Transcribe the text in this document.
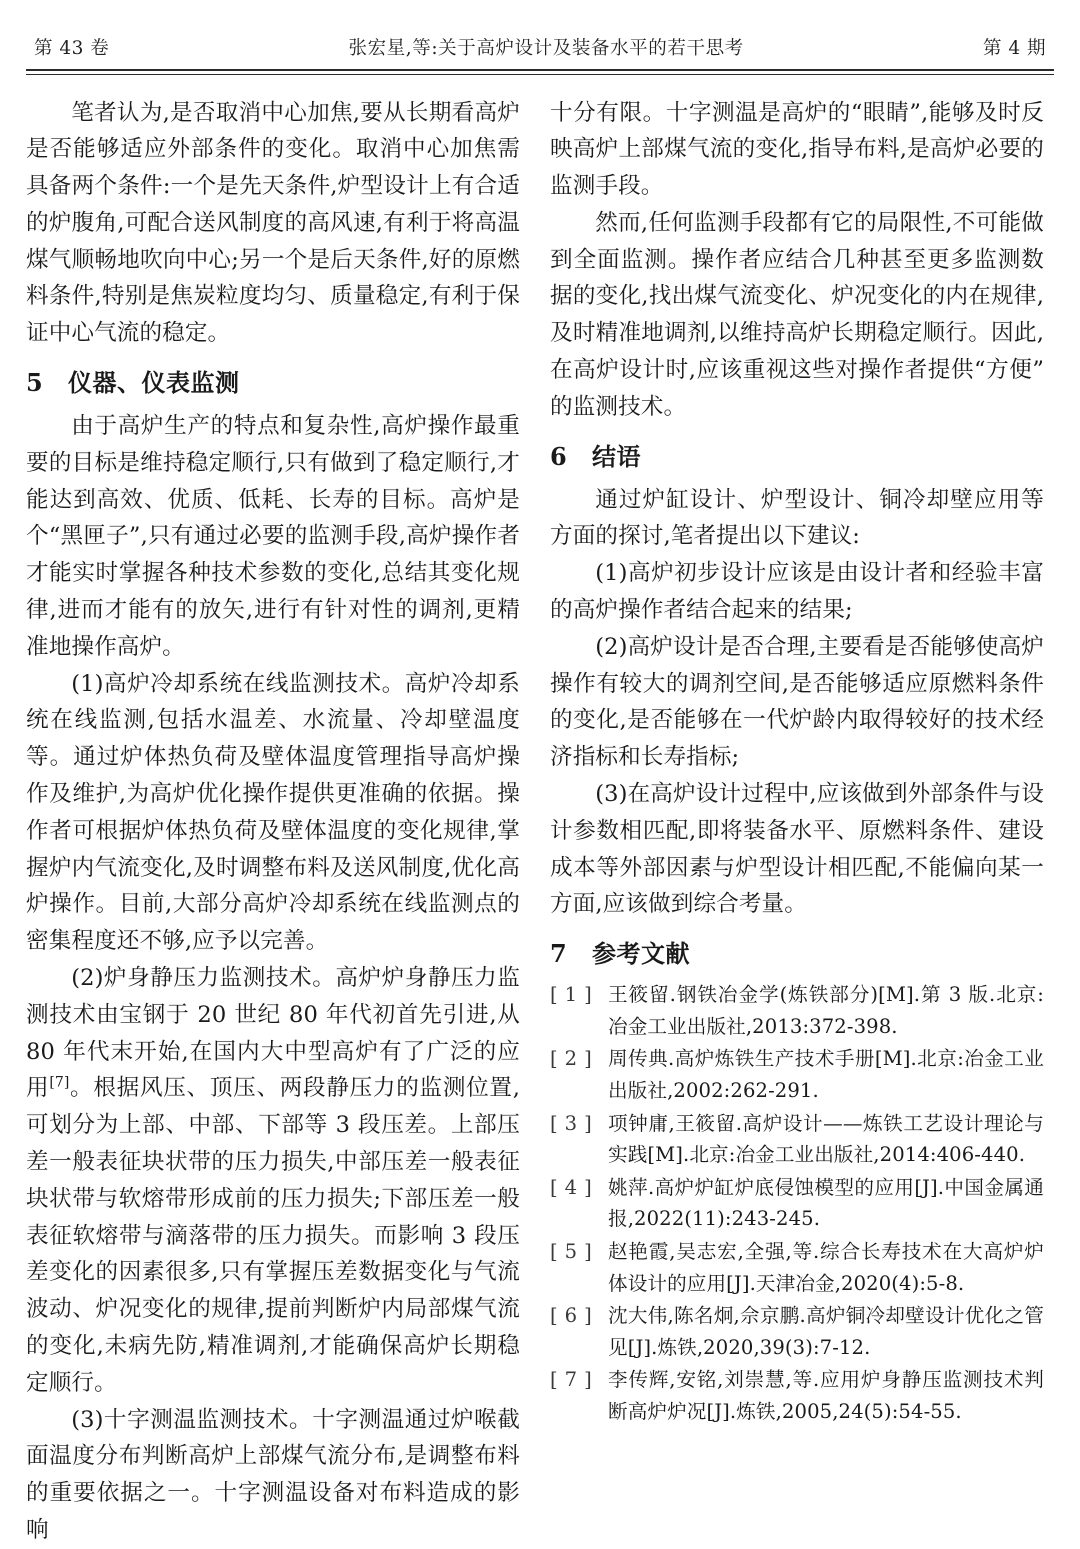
第 43 卷	张宏星,等:关于高炉设计及装备水平的若干思考	第 4 期

笔者认为,是否取消中心加焦,要从长期看高炉是否能够适应外部条件的变化。取消中心加焦需具备两个条件:一个是先天条件,炉型设计上有合适的炉腹角,可配合送风制度的高风速,有利于将高温煤气顺畅地吹向中心;另一个是后天条件,好的原燃料条件,特别是焦炭粒度均匀、质量稳定,有利于保证中心气流的稳定。

5 仪器、仪表监测

由于高炉生产的特点和复杂性,高炉操作最重要的目标是维持稳定顺行,只有做到了稳定顺行,才能达到高效、优质、低耗、长寿的目标。高炉是个“黑匣子”,只有通过必要的监测手段,高炉操作者才能实时掌握各种技术参数的变化,总结其变化规律,进而才能有的放矢,进行有针对性的调剂,更精准地操作高炉。

(1)高炉冷却系统在线监测技术。高炉冷却系统在线监测,包括水温差、水流量、冷却壁温度等。通过炉体热负荷及壁体温度管理指导高炉操作及维护,为高炉优化操作提供更准确的依据。操作者可根据炉体热负荷及壁体温度的变化规律,掌握炉内气流变化,及时调整布料及送风制度,优化高炉操作。目前,大部分高炉冷却系统在线监测点的密集程度还不够,应予以完善。

(2)炉身静压力监测技术。高炉炉身静压力监测技术由宝钢于 20 世纪 80 年代初首先引进,从 80 年代末开始,在国内大中型高炉有了广泛的应用[7]。根据风压、顶压、两段静压力的监测位置,可划分为上部、中部、下部等 3 段压差。上部压差一般表征块状带的压力损失,中部压差一般表征块状带与软熔带形成前的压力损失;下部压差一般表征软熔带与滴落带的压力损失。而影响 3 段压差变化的因素很多,只有掌握压差数据变化与气流波动、炉况变化的规律,提前判断炉内局部煤气流的变化,未病先防,精准调剂,才能确保高炉长期稳定顺行。

(3)十字测温监测技术。十字测温通过炉喉截面温度分布判断高炉上部煤气流分布,是调整布料的重要依据之一。十字测温设备对布料造成的影响

十分有限。十字测温是高炉的“眼睛”,能够及时反映高炉上部煤气流的变化,指导布料,是高炉必要的监测手段。

然而,任何监测手段都有它的局限性,不可能做到全面监测。操作者应结合几种甚至更多监测数据的变化,找出煤气流变化、炉况变化的内在规律,及时精准地调剂,以维持高炉长期稳定顺行。因此,在高炉设计时,应该重视这些对操作者提供“方便”的监测技术。

6 结语

通过炉缸设计、炉型设计、铜冷却壁应用等方面的探讨,笔者提出以下建议:

(1)高炉初步设计应该是由设计者和经验丰富的高炉操作者结合起来的结果;

(2)高炉设计是否合理,主要看是否能够使高炉操作有较大的调剂空间,是否能够适应原燃料条件的变化,是否能够在一代炉龄内取得较好的技术经济指标和长寿指标;

(3)在高炉设计过程中,应该做到外部条件与设计参数相匹配,即将装备水平、原燃料条件、建设成本等外部因素与炉型设计相匹配,不能偏向某一方面,应该做到综合考量。

7 参考文献
[ 1 ] 王筱留.钢铁冶金学(炼铁部分)[M].第 3 版.北京:冶金工业出版社,2013:372-398.
[ 2 ] 周传典.高炉炼铁生产技术手册[M].北京:冶金工业出版社,2002:262-291.
[ 3 ] 项钟庸,王筱留.高炉设计——炼铁工艺设计理论与实践[M].北京:冶金工业出版社,2014:406-440.
[ 4 ] 姚萍.高炉炉缸炉底侵蚀模型的应用[J].中国金属通报,2022(11):243-245.
[ 5 ] 赵艳霞,吴志宏,全强,等.综合长寿技术在大高炉炉体设计的应用[J].天津冶金,2020(4):5-8.
[ 6 ] 沈大伟,陈名炯,佘京鹏.高炉铜冷却壁设计优化之管见[J].炼铁,2020,39(3):7-12.
[ 7 ] 李传辉,安铭,刘崇慧,等.应用炉身静压监测技术判断高炉炉况[J].炼铁,2005,24(5):54-55.
